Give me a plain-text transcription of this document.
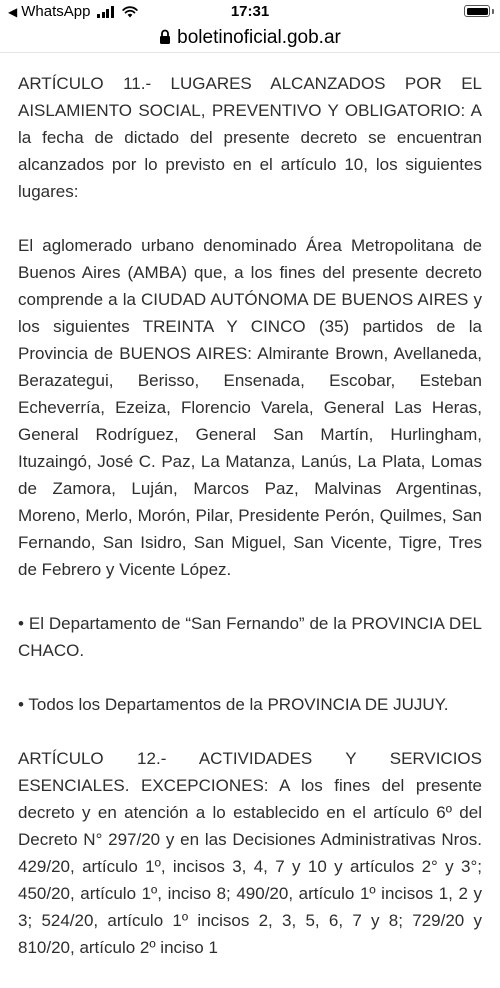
◀ WhatsApp	17:31
boletinoficial.gob.ar

ARTÍCULO 11.- LUGARES ALCANZADOS POR EL AISLAMIENTO SOCIAL, PREVENTIVO Y OBLIGATORIO: A la fecha de dictado del presente decreto se encuentran alcanzados por lo previsto en el artículo 10, los siguientes lugares:

El aglomerado urbano denominado Área Metropolitana de Buenos Aires (AMBA) que, a los fines del presente decreto comprende a la CIUDAD AUTÓNOMA DE BUENOS AIRES y los siguientes TREINTA Y CINCO (35) partidos de la Provincia de BUENOS AIRES: Almirante Brown, Avellaneda, Berazategui, Berisso, Ensenada, Escobar, Esteban Echeverría, Ezeiza, Florencio Varela, General Las Heras, General Rodríguez, General San Martín, Hurlingham, Ituzaingó, José C. Paz, La Matanza, Lanús, La Plata, Lomas de Zamora, Luján, Marcos Paz, Malvinas Argentinas, Moreno, Merlo, Morón, Pilar, Presidente Perón, Quilmes, San Fernando, San Isidro, San Miguel, San Vicente, Tigre, Tres de Febrero y Vicente López.

• El Departamento de “San Fernando” de la PROVINCIA DEL CHACO.

• Todos los Departamentos de la PROVINCIA DE JUJUY.

ARTÍCULO 12.- ACTIVIDADES Y SERVICIOS ESENCIALES. EXCEPCIONES: A los fines del presente decreto y en atención a lo establecido en el artículo 6º del Decreto N° 297/20 y en las Decisiones Administrativas Nros. 429/20, artículo 1º, incisos 3, 4, 7 y 10 y artículos 2° y 3°; 450/20, artículo 1º, inciso 8; 490/20, artículo 1º incisos 1, 2 y 3; 524/20, artículo 1º incisos 2, 3, 5, 6, 7 y 8; 729/20 y 810/20, artículo 2º inciso 1
